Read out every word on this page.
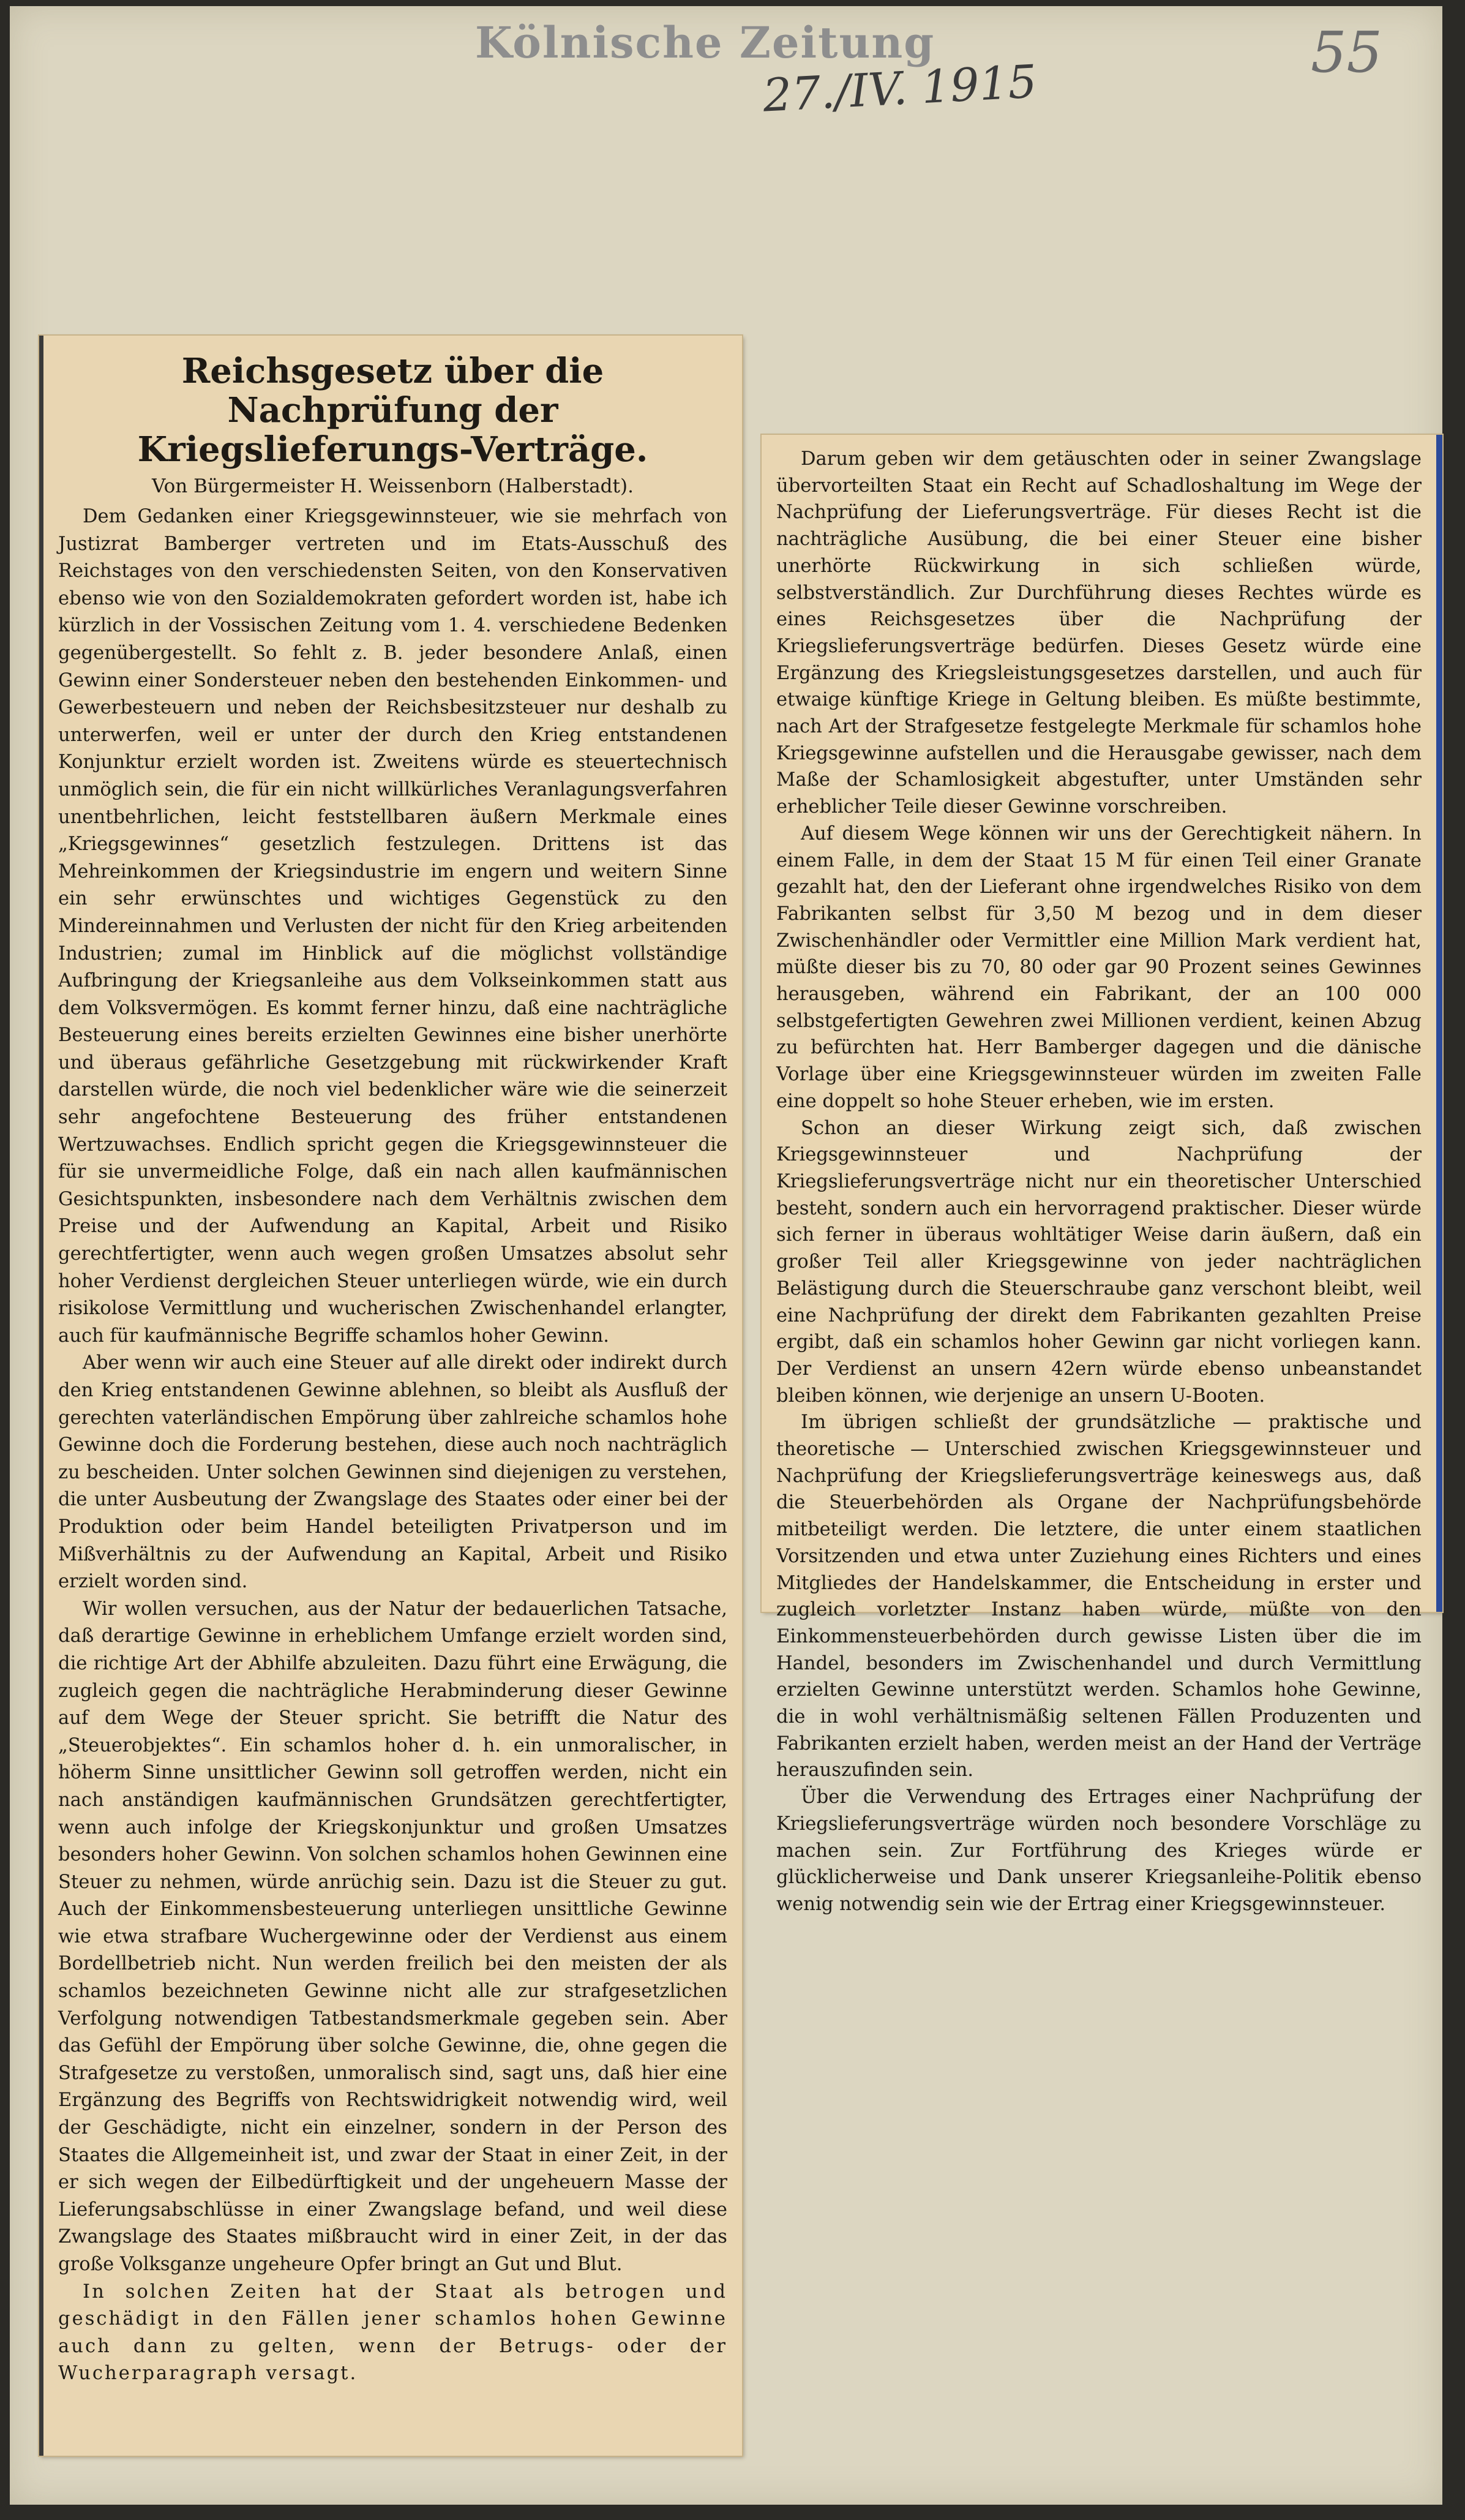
Kölnische Zeitung
27./IV. 1915
55
Reichsgesetz über die Nachprüfung der Kriegslieferungs-Verträge.
Von Bürgermeister H. Weissenborn (Halberstadt).

Dem Gedanken einer Kriegsgewinnsteuer, wie sie mehrfach von Justizrat Bamberger vertreten und im Etats-Ausschuß des Reichstages von den verschiedensten Seiten, von den Konservativen ebenso wie von den Sozialdemokraten gefordert worden ist, habe ich kürzlich in der Vossischen Zeitung vom 1. 4. verschiedene Bedenken gegenübergestellt. So fehlt z. B. jeder besondere Anlaß, einen Gewinn einer Sondersteuer neben den bestehenden Einkommen- und Gewerbesteuern und neben der Reichsbesitzsteuer nur deshalb zu unterwerfen, weil er unter der durch den Krieg entstandenen Konjunktur erzielt worden ist. Zweitens würde es steuertechnisch unmöglich sein, die für ein nicht willkürliches Veranlagungsverfahren unentbehrlichen, leicht feststellbaren äußern Merkmale eines „Kriegsgewinnes“ gesetzlich festzulegen. Drittens ist das Mehreinkommen der Kriegsindustrie im engern und weitern Sinne ein sehr erwünschtes und wichtiges Gegenstück zu den Mindereinnahmen und Verlusten der nicht für den Krieg arbeitenden Industrien; zumal im Hinblick auf die möglichst vollständige Aufbringung der Kriegsanleihe aus dem Volkseinkommen statt aus dem Volksvermögen. Es kommt ferner hinzu, daß eine nachträgliche Besteuerung eines bereits erzielten Gewinnes eine bisher unerhörte und überaus gefährliche Gesetzgebung mit rückwirkender Kraft darstellen würde, die noch viel bedenklicher wäre wie die seinerzeit sehr angefochtene Besteuerung des früher entstandenen Wertzuwachses. Endlich spricht gegen die Kriegsgewinnsteuer die für sie unvermeidliche Folge, daß ein nach allen kaufmännischen Gesichtspunkten, insbesondere nach dem Verhältnis zwischen dem Preise und der Aufwendung an Kapital, Arbeit und Risiko gerechtfertigter, wenn auch wegen großen Umsatzes absolut sehr hoher Verdienst dergleichen Steuer unterliegen würde, wie ein durch risikolose Vermittlung und wucherischen Zwischenhandel erlangter, auch für kaufmännische Begriffe schamlos hoher Gewinn.

Aber wenn wir auch eine Steuer auf alle direkt oder indirekt durch den Krieg entstandenen Gewinne ablehnen, so bleibt als Ausfluß der gerechten vaterländischen Empörung über zahlreiche schamlos hohe Gewinne doch die Forderung bestehen, diese auch noch nachträglich zu bescheiden. Unter solchen Gewinnen sind diejenigen zu verstehen, die unter Ausbeutung der Zwangslage des Staates oder einer bei der Produktion oder beim Handel beteiligten Privatperson und im Mißverhältnis zu der Aufwendung an Kapital, Arbeit und Risiko erzielt worden sind.

Wir wollen versuchen, aus der Natur der bedauerlichen Tatsache, daß derartige Gewinne in erheblichem Umfange erzielt worden sind, die richtige Art der Abhilfe abzuleiten. Dazu führt eine Erwägung, die zugleich gegen die nachträgliche Herabminderung dieser Gewinne auf dem Wege der Steuer spricht. Sie betrifft die Natur des „Steuerobjektes“. Ein schamlos hoher d. h. ein unmoralischer, in höherm Sinne unsittlicher Gewinn soll getroffen werden, nicht ein nach anständigen kaufmännischen Grundsätzen gerechtfertigter, wenn auch infolge der Kriegskonjunktur und großen Umsatzes besonders hoher Gewinn. Von solchen schamlos hohen Gewinnen eine Steuer zu nehmen, würde anrüchig sein. Dazu ist die Steuer zu gut. Auch der Einkommensbesteuerung unterliegen unsittliche Gewinne wie etwa strafbare Wuchergewinne oder der Verdienst aus einem Bordellbetrieb nicht. Nun werden freilich bei den meisten der als schamlos bezeichneten Gewinne nicht alle zur strafgesetzlichen Verfolgung notwendigen Tatbestandsmerkmale gegeben sein. Aber das Gefühl der Empörung über solche Gewinne, die, ohne gegen die Strafgesetze zu verstoßen, unmoralisch sind, sagt uns, daß hier eine Ergänzung des Begriffs von Rechtswidrigkeit notwendig wird, weil der Geschädigte, nicht ein einzelner, sondern in der Person des Staates die Allgemeinheit ist, und zwar der Staat in einer Zeit, in der er sich wegen der Eilbedürftigkeit und der ungeheuern Masse der Lieferungsabschlüsse in einer Zwangslage befand, und weil diese Zwangslage des Staates mißbraucht wird in einer Zeit, in der das große Volksganze ungeheure Opfer bringt an Gut und Blut.

In solchen Zeiten hat der Staat als betrogen und geschädigt in den Fällen jener schamlos hohen Gewinne auch dann zu gelten, wenn der Betrugs- oder der Wucherparagraph versagt.

Darum geben wir dem getäuschten oder in seiner Zwangslage übervorteilten Staat ein Recht auf Schadloshaltung im Wege der Nachprüfung der Lieferungsverträge. Für dieses Recht ist die nachträgliche Ausübung, die bei einer Steuer eine bisher unerhörte Rückwirkung in sich schließen würde, selbstverständlich. Zur Durchführung dieses Rechtes würde es eines Reichsgesetzes über die Nachprüfung der Kriegslieferungsverträge bedürfen. Dieses Gesetz würde eine Ergänzung des Kriegsleistungsgesetzes darstellen, und auch für etwaige künftige Kriege in Geltung bleiben. Es müßte bestimmte, nach Art der Strafgesetze festgelegte Merkmale für schamlos hohe Kriegsgewinne aufstellen und die Herausgabe gewisser, nach dem Maße der Schamlosigkeit abgestufter, unter Umständen sehr erheblicher Teile dieser Gewinne vorschreiben.

Auf diesem Wege können wir uns der Gerechtigkeit nähern. In einem Falle, in dem der Staat 15 M für einen Teil einer Granate gezahlt hat, den der Lieferant ohne irgendwelches Risiko von dem Fabrikanten selbst für 3,50 M bezog und in dem dieser Zwischenhändler oder Vermittler eine Million Mark verdient hat, müßte dieser bis zu 70, 80 oder gar 90 Prozent seines Gewinnes herausgeben, während ein Fabrikant, der an 100 000 selbstgefertigten Gewehren zwei Millionen verdient, keinen Abzug zu befürchten hat. Herr Bamberger dagegen und die dänische Vorlage über eine Kriegsgewinnsteuer würden im zweiten Falle eine doppelt so hohe Steuer erheben, wie im ersten.

Schon an dieser Wirkung zeigt sich, daß zwischen Kriegsgewinnsteuer und Nachprüfung der Kriegslieferungsverträge nicht nur ein theoretischer Unterschied besteht, sondern auch ein hervorragend praktischer. Dieser würde sich ferner in überaus wohltätiger Weise darin äußern, daß ein großer Teil aller Kriegsgewinne von jeder nachträglichen Belästigung durch die Steuerschraube ganz verschont bleibt, weil eine Nachprüfung der direkt dem Fabrikanten gezahlten Preise ergibt, daß ein schamlos hoher Gewinn gar nicht vorliegen kann. Der Verdienst an unsern 42ern würde ebenso unbeanstandet bleiben können, wie derjenige an unsern U-Booten.

Im übrigen schließt der grundsätzliche — praktische und theoretische — Unterschied zwischen Kriegsgewinnsteuer und Nachprüfung der Kriegslieferungsverträge keineswegs aus, daß die Steuerbehörden als Organe der Nachprüfungsbehörde mitbeteiligt werden. Die letztere, die unter einem staatlichen Vorsitzenden und etwa unter Zuziehung eines Richters und eines Mitgliedes der Handelskammer, die Entscheidung in erster und zugleich vorletzter Instanz haben würde, müßte von den Einkommensteuerbehörden durch gewisse Listen über die im Handel, besonders im Zwischenhandel und durch Vermittlung erzielten Gewinne unterstützt werden. Schamlos hohe Gewinne, die in wohl verhältnismäßig seltenen Fällen Produzenten und Fabrikanten erzielt haben, werden meist an der Hand der Verträge herauszufinden sein.

Über die Verwendung des Ertrages einer Nachprüfung der Kriegslieferungsverträge würden noch besondere Vorschläge zu machen sein. Zur Fortführung des Krieges würde er glücklicherweise und Dank unserer Kriegsanleihe-Politik ebenso wenig notwendig sein wie der Ertrag einer Kriegsgewinnsteuer.
